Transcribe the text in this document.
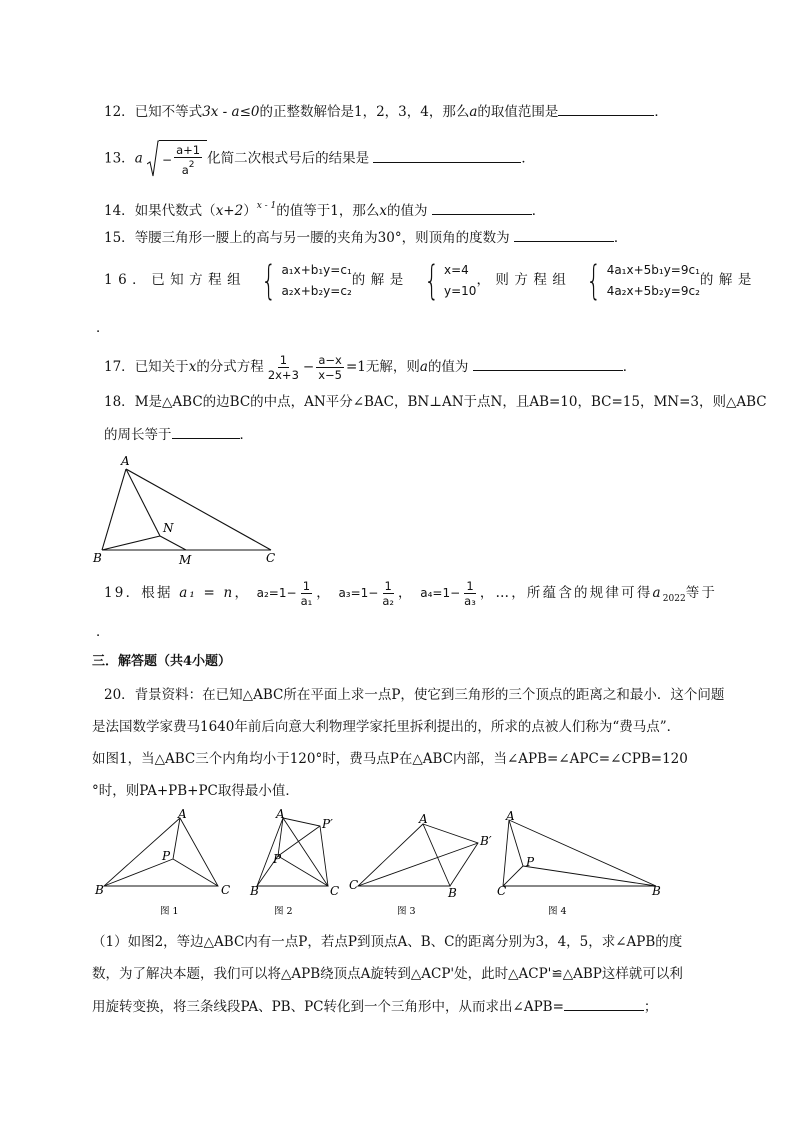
12．已知不等式3x - a≤0的正整数解恰是1，2，3，4，那么a的取值范围是	．
13．$a - \frac{a+1}{a^2}$ 化简二次根式号后的结果是	．
14．如果代数式$(x+2)^{x - 1}$的值等于1，那么x的值为	．
15．等腰三角形一腰上的高与另一腰的夹角为30°，则顶角的度数为	．
16．已知方程组 { a₁x+b₁y=c₁
a₂x+b₂y=c₂
的解是 { x=4
y=10
，则方程组 { 4a₁x+5b₁y=9c₁
4a₂x+5b₂y=9c₂
的解是
．
17．已知关于x的分式方程 $\frac{1}{2x+3} - \frac{a-x}{x-5} =1$无解，则a的值为	．
18．M是△ABC的边BC的中点，AN平分∠BAC，BN⊥AN于点N，且AB=10，BC=15，MN=3，则△ABC
的周长等于	．
A
B	C
M
N
19．根据 a₁ = n， $a_2=1- \frac{1}{\text{a₁}}$ ， $a_3=1- \frac{1}{\text{a₂}}$ ， $a_4=1- \frac{1}{\text{a₃}}$ ，…，所蕴含的规律可得$a_{2022}$等于
．
三．解答题（共4小题）
20．背景资料：在已知△ABC所在平面上求一点P，使它到三角形的三个顶点的距离之和最小．这个问题
是法国数学家费马1640年前后向意大利物理学家托里拆利提出的，所求的点被人们称为“费马点”．
如图1，当△ABC三个内角均小于120°时，费马点P在△ABC内部，当∠APB=∠APC=∠CPB=120
°时，则PA+PB+PC取得最小值．
A
B	C
P
A
B	C
P
P′	A
C
B
B′
A
C
P
B
图 1	图 2	图 3	图 4
（1）如图2，等边△ABC内有一点P，若点P到顶点A、B、C的距离分别为3，4，5，求∠APB的度
数，为了解决本题，我们可以将△APB绕顶点A旋转到△ACP'处，此时△ACP'≌△ABP这样就可以利
用旋转变换，将三条线段PA、PB、PC转化到一个三角形中，从而求出∠APB=	；
